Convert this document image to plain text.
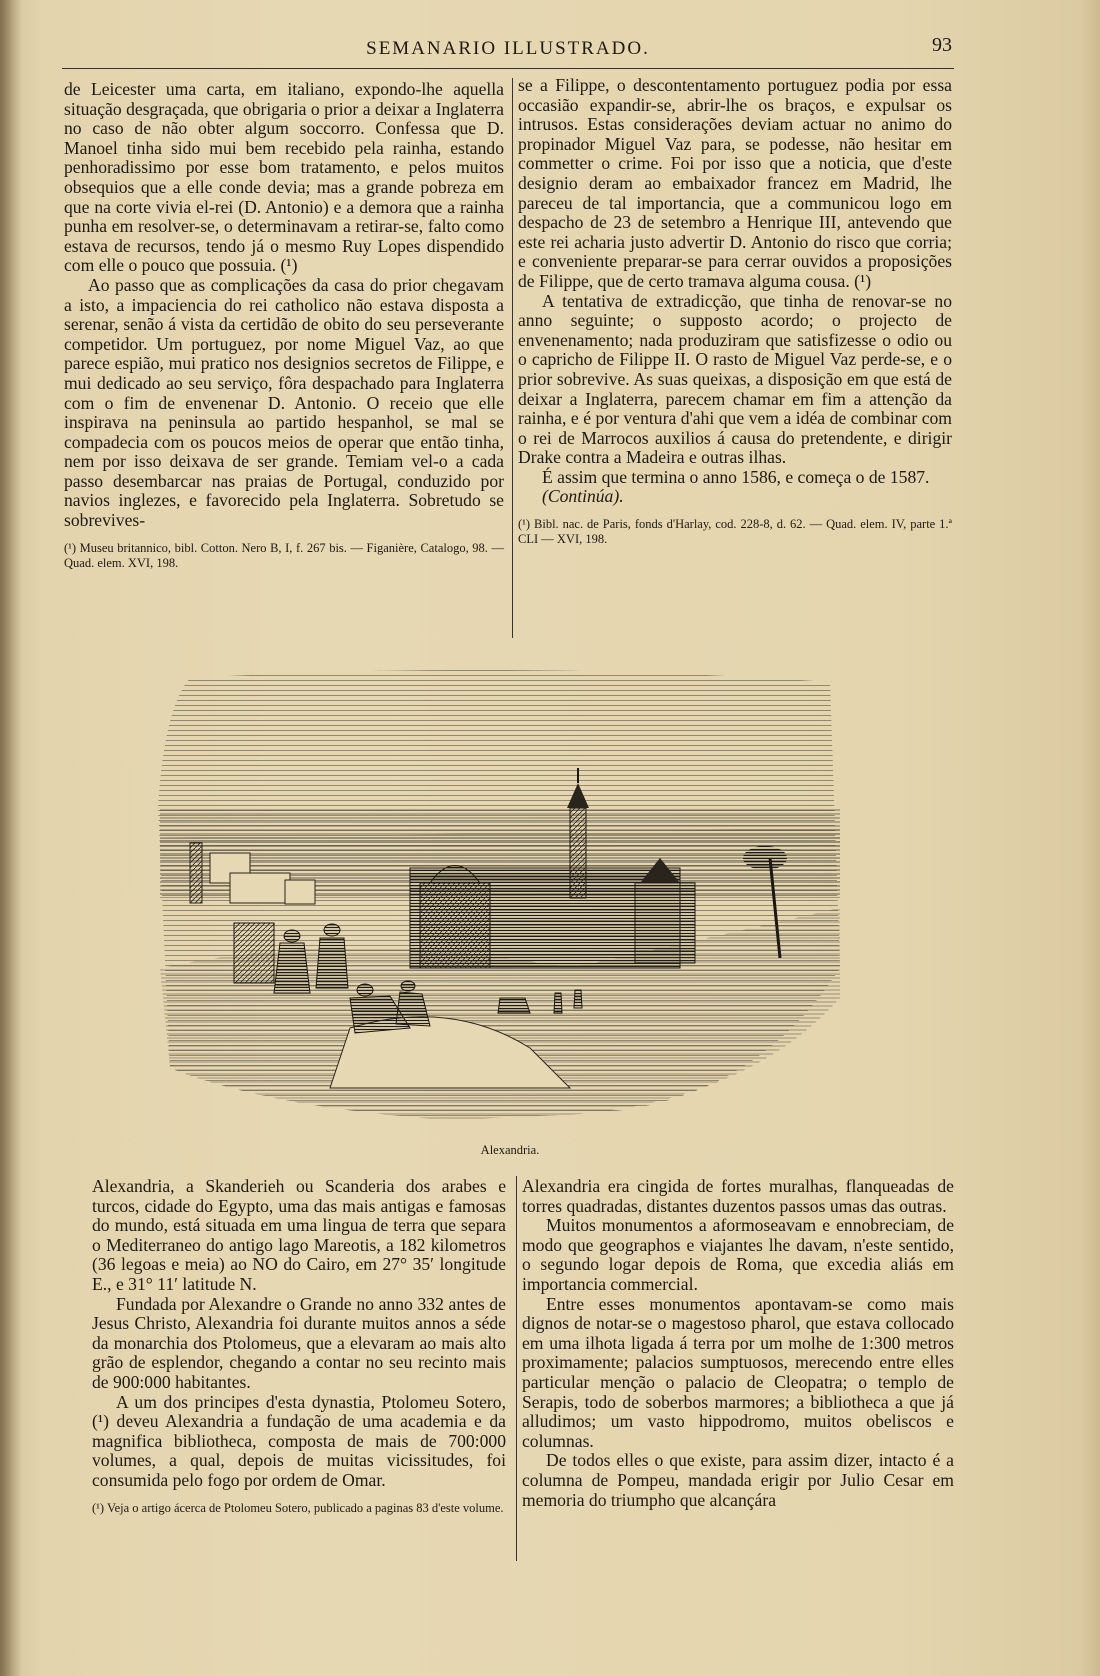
SEMANARIO ILLUSTRADO.	93

de Leicester uma carta, em italiano, expondo-lhe aquella situação desgraçada, que obrigaria o prior a deixar a Inglaterra no caso de não obter algum soccorro. Confessa que D. Manoel tinha sido mui bem recebido pela rainha, estando penhoradissimo por esse bom tratamento, e pelos muitos obsequios que a elle conde devia; mas a grande pobreza em que na corte vivia el-rei (D. Antonio) e a demora que a rainha punha em resolver-se, o determinavam a retirar-se, falto como estava de recursos, tendo já o mesmo Ruy Lopes dispendido com elle o pouco que possuia. (¹)

Ao passo que as complicações da casa do prior chegavam a isto, a impaciencia do rei catholico não estava disposta a serenar, senão á vista da certidão de obito do seu perseverante competidor. Um portuguez, por nome Miguel Vaz, ao que parece espião, mui pratico nos designios secretos de Filippe, e mui dedicado ao seu serviço, fôra despachado para Inglaterra com o fim de envenenar D. Antonio. O receio que elle inspirava na peninsula ao partido hespanhol, se mal se compadecia com os poucos meios de operar que então tinha, nem por isso deixava de ser grande. Temiam vel-o a cada passo desembarcar nas praias de Portugal, conduzido por navios inglezes, e favorecido pela Inglaterra. Sobretudo se sobrevives-

(¹) Museu britannico, bibl. Cotton. Nero B, I, f. 267 bis. — Figanière, Catalogo, 98. — Quad. elem. XVI, 198.

se a Filippe, o descontentamento portuguez podia por essa occasião expandir-se, abrir-lhe os braços, e expulsar os intrusos. Estas considerações deviam actuar no animo do propinador Miguel Vaz para, se podesse, não hesitar em commetter o crime. Foi por isso que a noticia, que d'este designio deram ao embaixador francez em Madrid, lhe pareceu de tal importancia, que a communicou logo em despacho de 23 de setembro a Henrique III, antevendo que este rei acharia justo advertir D. Antonio do risco que corria; e conveniente preparar-se para cerrar ouvidos a proposições de Filippe, que de certo tramava alguma cousa. (¹)

A tentativa de extradicção, que tinha de renovar-se no anno seguinte; o supposto acordo; o projecto de envenenamento; nada produziram que satisfizesse o odio ou o capricho de Filippe II. O rasto de Miguel Vaz perde-se, e o prior sobrevive. As suas queixas, a disposição em que está de deixar a Inglaterra, parecem chamar em fim a attenção da rainha, e é por ventura d'ahi que vem a idéa de combinar com o rei de Marrocos auxilios á causa do pretendente, e dirigir Drake contra a Madeira e outras ilhas.

É assim que termina o anno 1586, e começa o de 1587.

(Continúa).

(¹) Bibl. nac. de Paris, fonds d'Harlay, cod. 228-8, d. 62. — Quad. elem. IV, parte 1.ª CLI — XVI, 198.

Alexandria.

Alexandria, a Skanderieh ou Scanderia dos arabes e turcos, cidade do Egypto, uma das mais antigas e famosas do mundo, está situada em uma lingua de terra que separa o Mediterraneo do antigo lago Mareotis, a 182 kilometros (36 legoas e meia) ao NO do Cairo, em 27° 35′ longitude E., e 31° 11′ latitude N.

Fundada por Alexandre o Grande no anno 332 antes de Jesus Christo, Alexandria foi durante muitos annos a séde da monarchia dos Ptolomeus, que a elevaram ao mais alto grão de esplendor, chegando a contar no seu recinto mais de 900:000 habitantes.

A um dos principes d'esta dynastia, Ptolomeu Sotero, (¹) deveu Alexandria a fundação de uma academia e da magnifica bibliotheca, composta de mais de 700:000 volumes, a qual, depois de muitas vicissitudes, foi consumida pelo fogo por ordem de Omar.

(¹) Veja o artigo ácerca de Ptolomeu Sotero, publicado a paginas 83 d'este volume.

Alexandria era cingida de fortes muralhas, flanqueadas de torres quadradas, distantes duzentos passos umas das outras.

Muitos monumentos a aformoseavam e ennobreciam, de modo que geographos e viajantes lhe davam, n'este sentido, o segundo logar depois de Roma, que excedia aliás em importancia commercial.

Entre esses monumentos apontavam-se como mais dignos de notar-se o magestoso pharol, que estava collocado em uma ilhota ligada á terra por um molhe de 1:300 metros proximamente; palacios sumptuosos, merecendo entre elles particular menção o palacio de Cleopatra; o templo de Serapis, todo de soberbos marmores; a bibliotheca a que já alludimos; um vasto hippodromo, muitos obeliscos e columnas.

De todos elles o que existe, para assim dizer, intacto é a columna de Pompeu, mandada erigir por Julio Cesar em memoria do triumpho que alcançára
